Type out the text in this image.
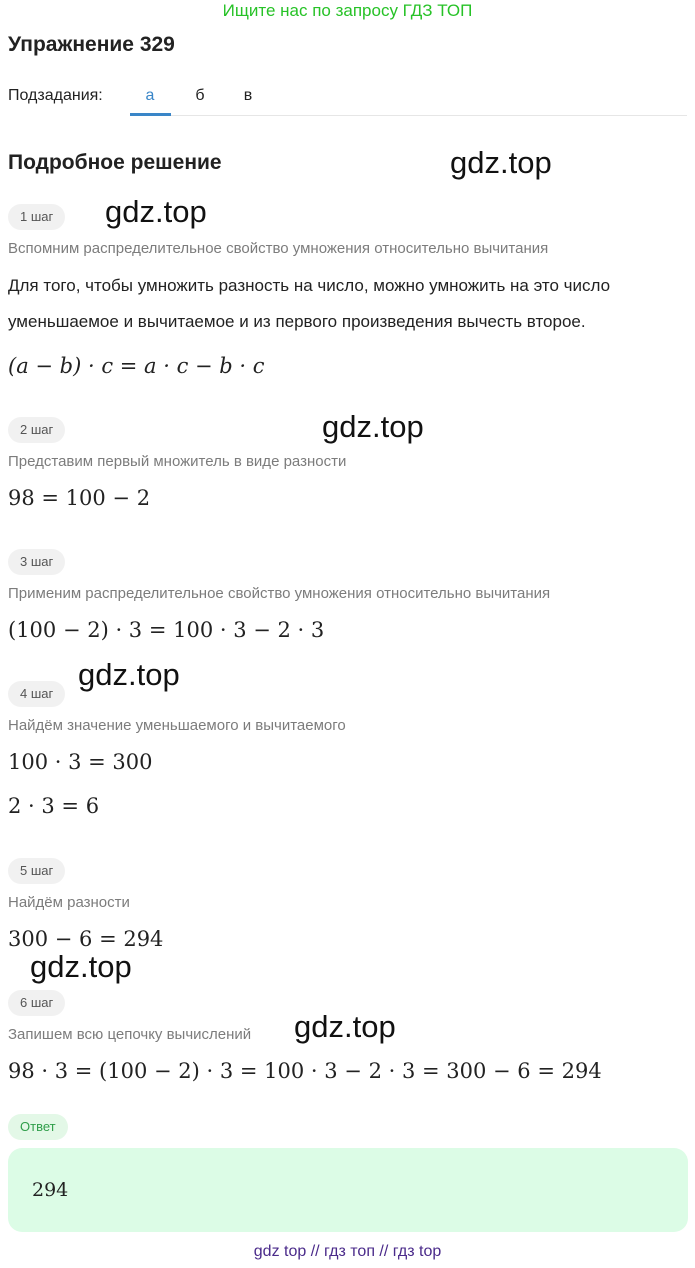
Ищите нас по запросу ГДЗ ТОП
Упражнение 329
Подзадания:	а	б	в
Подробное решение	gdz.top
gdz.top
gdz.top
gdz.top
gdz.top
gdz.top
1 шаг
Вспомним распределительное свойство умножения относительно вычитания
Для того, чтобы умножить разность на число, можно умножить на это число
уменьшаемое и вычитаемое и из первого произведения вычесть второе.
(a − b) · c = a · c − b · c
2 шаг
Представим первый множитель в виде разности
98 = 100 − 2
3 шаг
Применим распределительное свойство умножения относительно вычитания
(100 − 2) · 3 = 100 · 3 − 2 · 3
4 шаг
Найдём значение уменьшаемого и вычитаемого
100 · 3 = 300
2 · 3 = 6
5 шаг
Найдём разности
300 − 6 = 294
6 шаг
Запишем всю цепочку вычислений
98 · 3 = (100 − 2) · 3 = 100 · 3 − 2 · 3 = 300 − 6 = 294
Ответ
294
gdz top // гдз топ // гдз top
